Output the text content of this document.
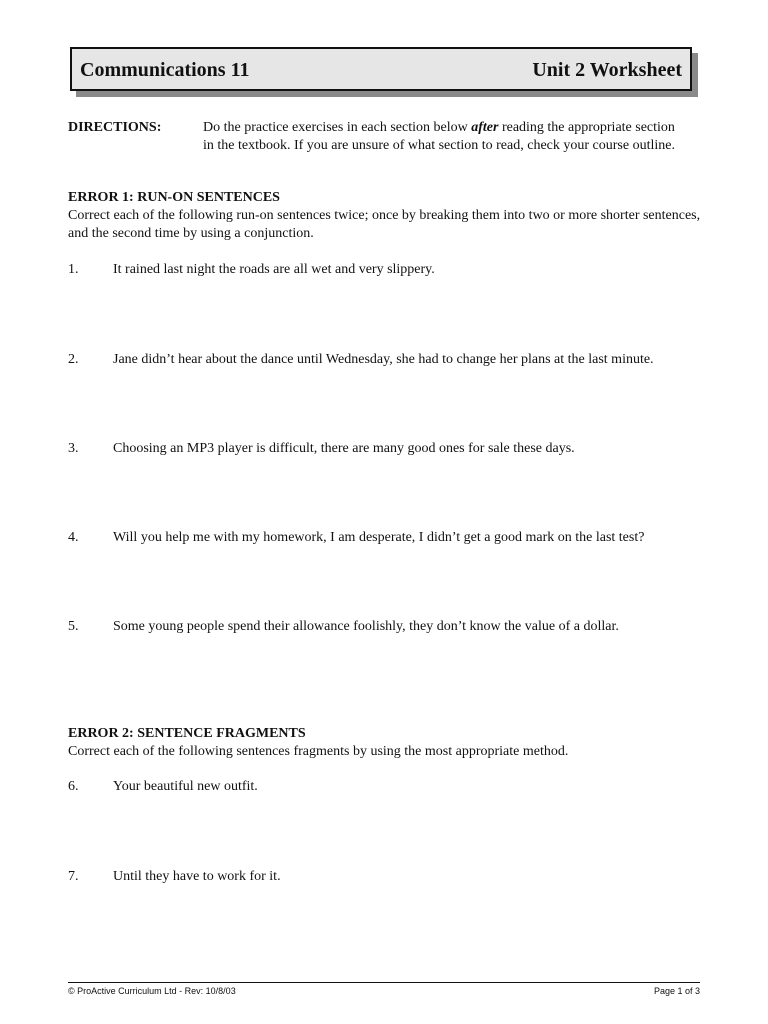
Communications 11	Unit 2 Worksheet
DIRECTIONS:	Do the practice exercises in each section below after reading the appropriate section in the textbook. If you are unsure of what section to read, check your course outline.
ERROR 1: RUN-ON SENTENCES
Correct each of the following run-on sentences twice; once by breaking them into two or more shorter sentences, and the second time by using a conjunction.
1. It rained last night the roads are all wet and very slippery.
2. Jane didn’t hear about the dance until Wednesday, she had to change her plans at the last minute.
3. Choosing an MP3 player is difficult, there are many good ones for sale these days.
4. Will you help me with my homework, I am desperate, I didn’t get a good mark on the last test?
5. Some young people spend their allowance foolishly, they don’t know the value of a dollar.
ERROR 2: SENTENCE FRAGMENTS
Correct each of the following sentences fragments by using the most appropriate method.
6. Your beautiful new outfit.
7. Until they have to work for it.
© ProActive Curriculum Ltd - Rev: 10/8/03	Page 1 of 3
